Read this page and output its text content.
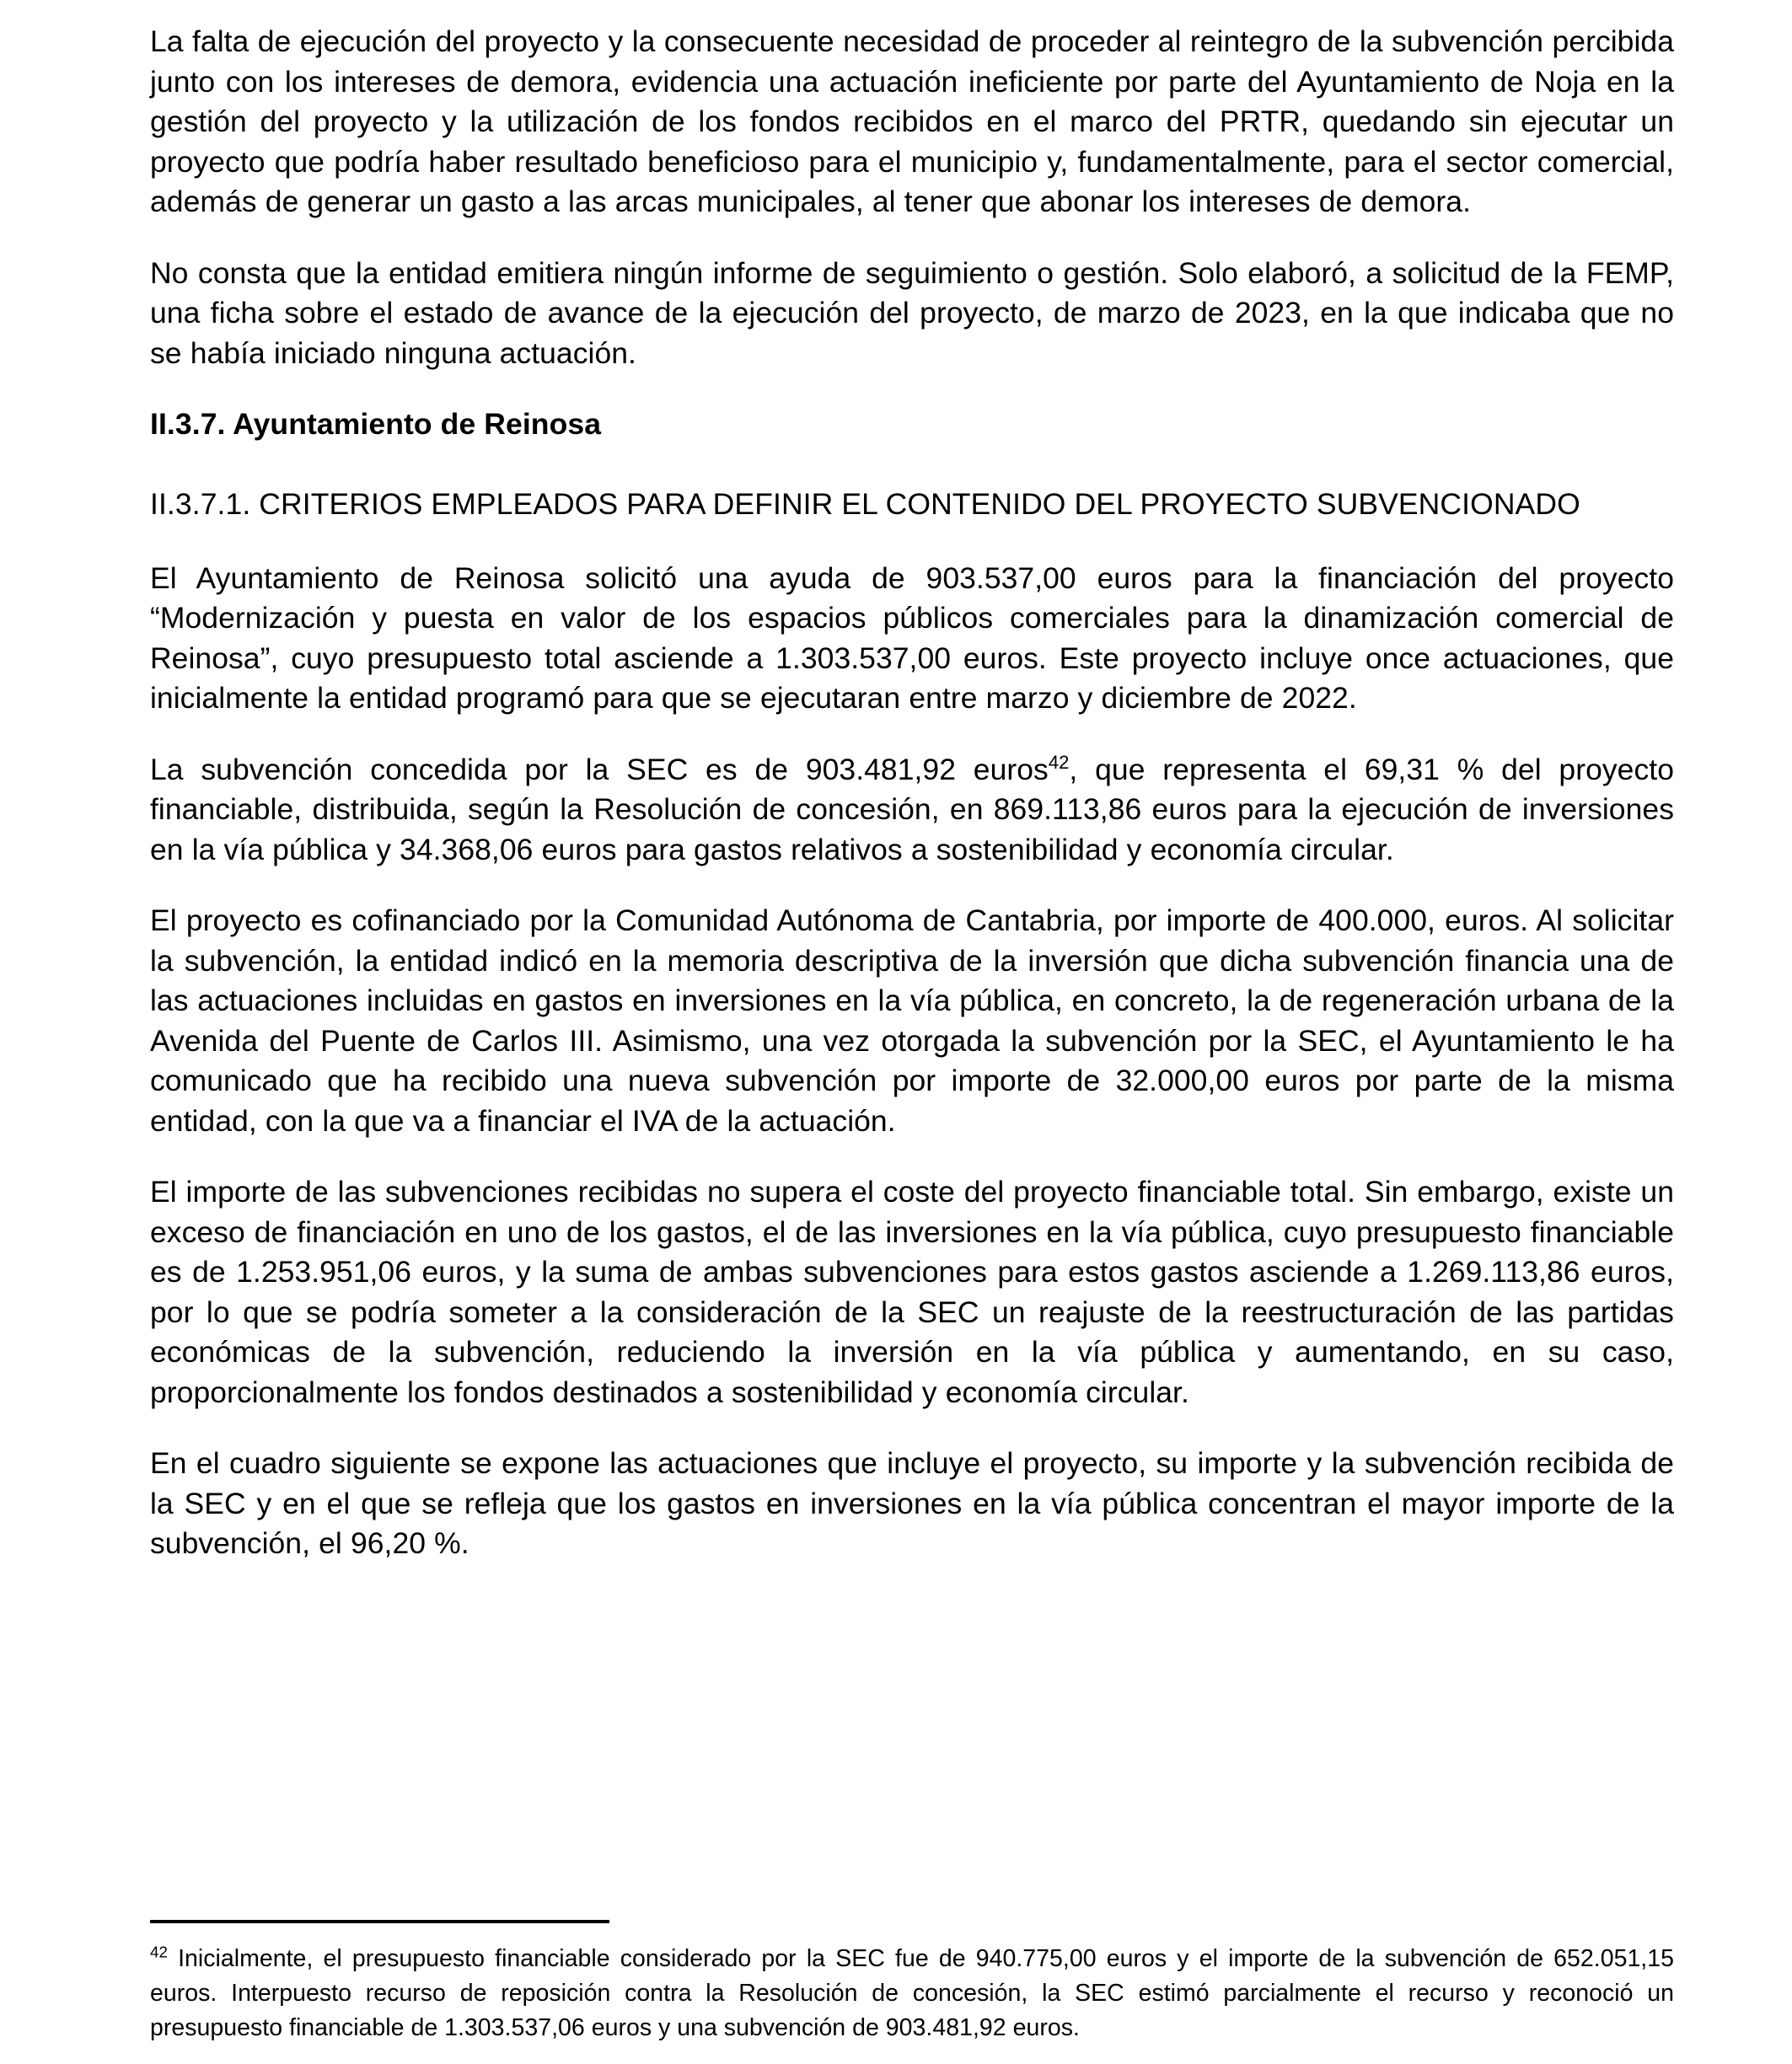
La falta de ejecución del proyecto y la consecuente necesidad de proceder al reintegro de la subvención percibida junto con los intereses de demora, evidencia una actuación ineficiente por parte del Ayuntamiento de Noja en la gestión del proyecto y la utilización de los fondos recibidos en el marco del PRTR, quedando sin ejecutar un proyecto que podría haber resultado beneficioso para el municipio y, fundamentalmente, para el sector comercial, además de generar un gasto a las arcas municipales, al tener que abonar los intereses de demora.

No consta que la entidad emitiera ningún informe de seguimiento o gestión. Solo elaboró, a solicitud de la FEMP, una ficha sobre el estado de avance de la ejecución del proyecto, de marzo de 2023, en la que indicaba que no se había iniciado ninguna actuación.

II.3.7. Ayuntamiento de Reinosa
II.3.7.1. CRITERIOS EMPLEADOS PARA DEFINIR EL CONTENIDO DEL PROYECTO SUBVENCIONADO

El Ayuntamiento de Reinosa solicitó una ayuda de 903.537,00 euros para la financiación del proyecto “Modernización y puesta en valor de los espacios públicos comerciales para la dinamización comercial de Reinosa”, cuyo presupuesto total asciende a 1.303.537,00 euros. Este proyecto incluye once actuaciones, que inicialmente la entidad programó para que se ejecutaran entre marzo y diciembre de 2022.

La subvención concedida por la SEC es de 903.481,92 euros$^{42}$, que representa el 69,31 % del proyecto financiable, distribuida, según la Resolución de concesión, en 869.113,86 euros para la ejecución de inversiones en la vía pública y 34.368,06 euros para gastos relativos a sostenibilidad y economía circular.

El proyecto es cofinanciado por la Comunidad Autónoma de Cantabria, por importe de 400.000, euros. Al solicitar la subvención, la entidad indicó en la memoria descriptiva de la inversión que dicha subvención financia una de las actuaciones incluidas en gastos en inversiones en la vía pública, en concreto, la de regeneración urbana de la Avenida del Puente de Carlos III. Asimismo, una vez otorgada la subvención por la SEC, el Ayuntamiento le ha comunicado que ha recibido una nueva subvención por importe de 32.000,00 euros por parte de la misma entidad, con la que va a financiar el IVA de la actuación.

El importe de las subvenciones recibidas no supera el coste del proyecto financiable total. Sin embargo, existe un exceso de financiación en uno de los gastos, el de las inversiones en la vía pública, cuyo presupuesto financiable es de 1.253.951,06 euros, y la suma de ambas subvenciones para estos gastos asciende a 1.269.113,86 euros, por lo que se podría someter a la consideración de la SEC un reajuste de la reestructuración de las partidas económicas de la subvención, reduciendo la inversión en la vía pública y aumentando, en su caso, proporcionalmente los fondos destinados a sostenibilidad y economía circular.

En el cuadro siguiente se expone las actuaciones que incluye el proyecto, su importe y la subvención recibida de la SEC y en el que se refleja que los gastos en inversiones en la vía pública concentran el mayor importe de la subvención, el 96,20 %.

$^{42}$ Inicialmente, el presupuesto financiable considerado por la SEC fue de 940.775,00 euros y el importe de la subvención de 652.051,15 euros. Interpuesto recurso de reposición contra la Resolución de concesión, la SEC estimó parcialmente el recurso y reconoció un presupuesto financiable de 1.303.537,06 euros y una subvención de 903.481,92 euros.
